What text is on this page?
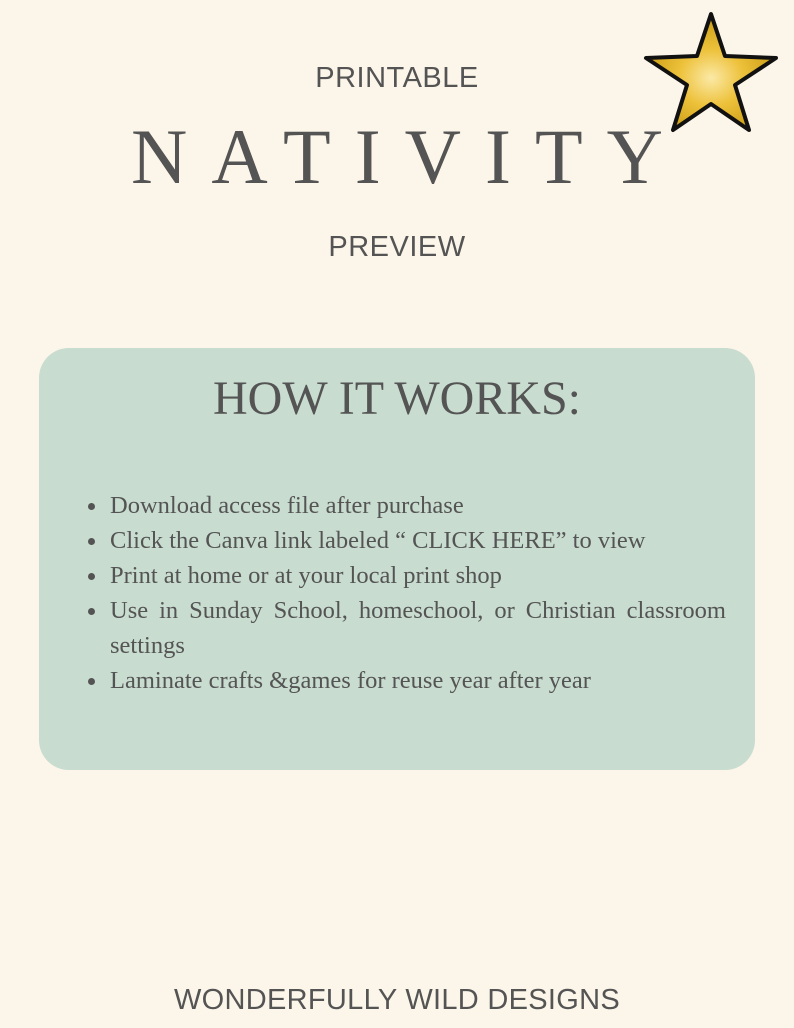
PRINTABLE
NATIVITY
PREVIEW
HOW IT WORKS:
Download access file after purchase
Click the Canva link labeled “ CLICK HERE” to view
Print at home or at your local print shop
Use in Sunday School, homeschool, or Christian classroom settings
Laminate crafts &games for reuse year after year
WONDERFULLY WILD DESIGNS
